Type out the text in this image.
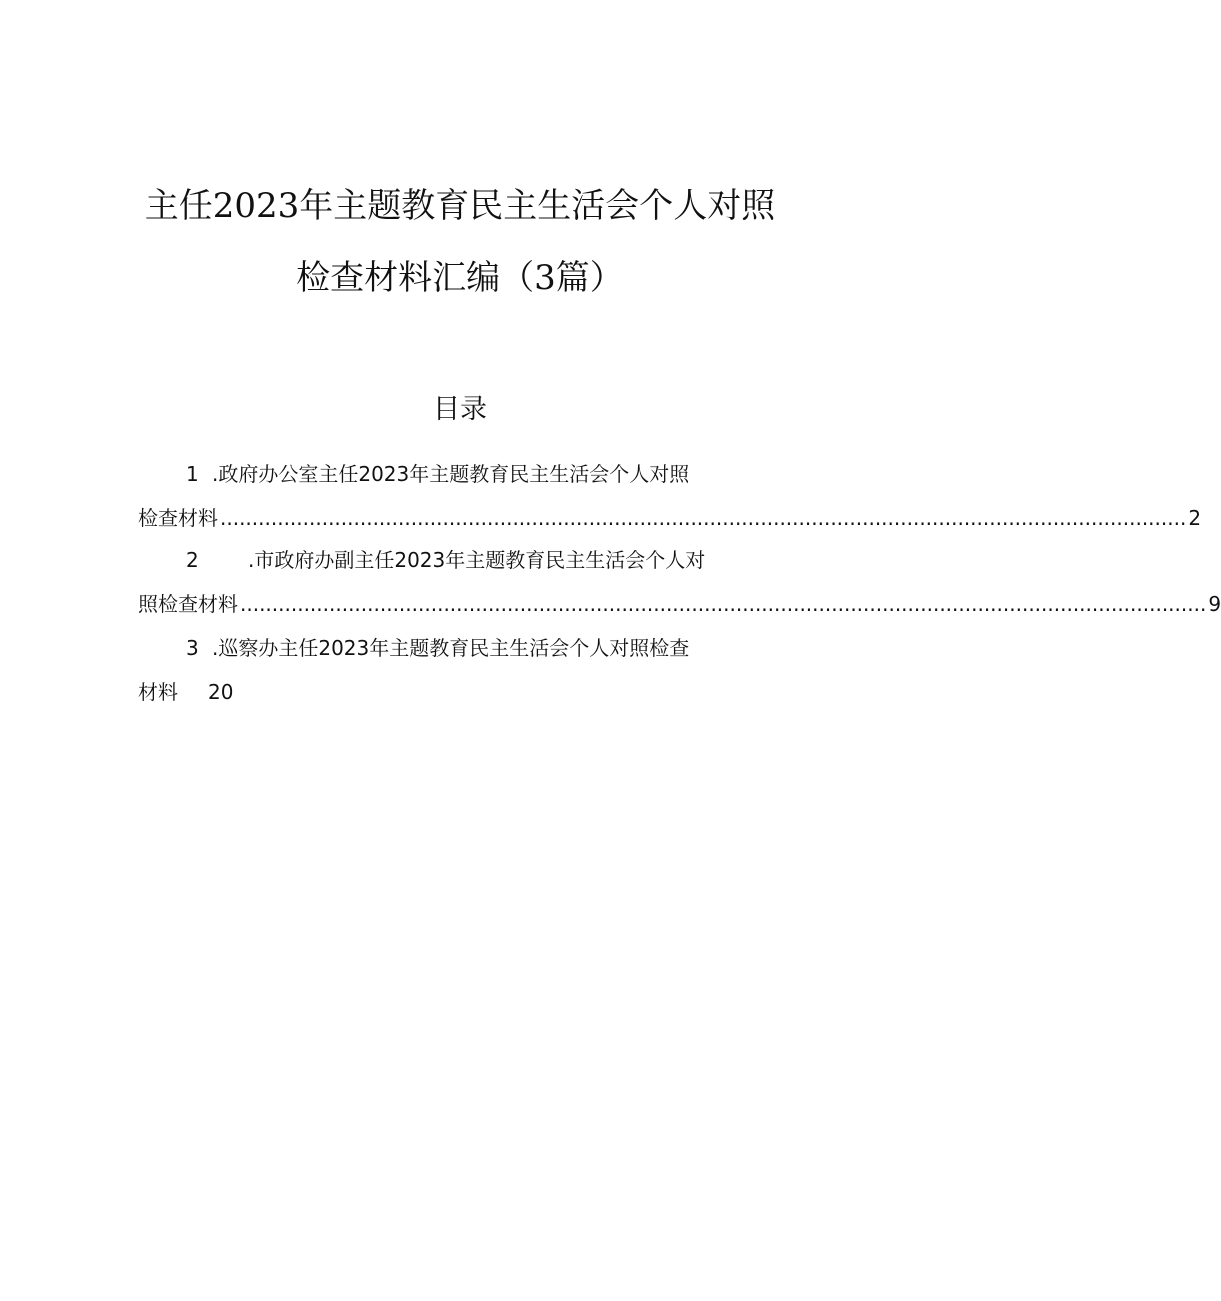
主任2023年主题教育民主生活会个人对照
检查材料汇编（3篇）
目录
1 .政府办公室主任2023年主题教育民主生活会个人对照
检查材料 ........................................................................................................................................................ 2
2	.市政府办副主任2023年主题教育民主生活会个人对
照检查材料 ........................................................................................................................................................ 9
3 .巡察办主任2023年主题教育民主生活会个人对照检查
材料 20
